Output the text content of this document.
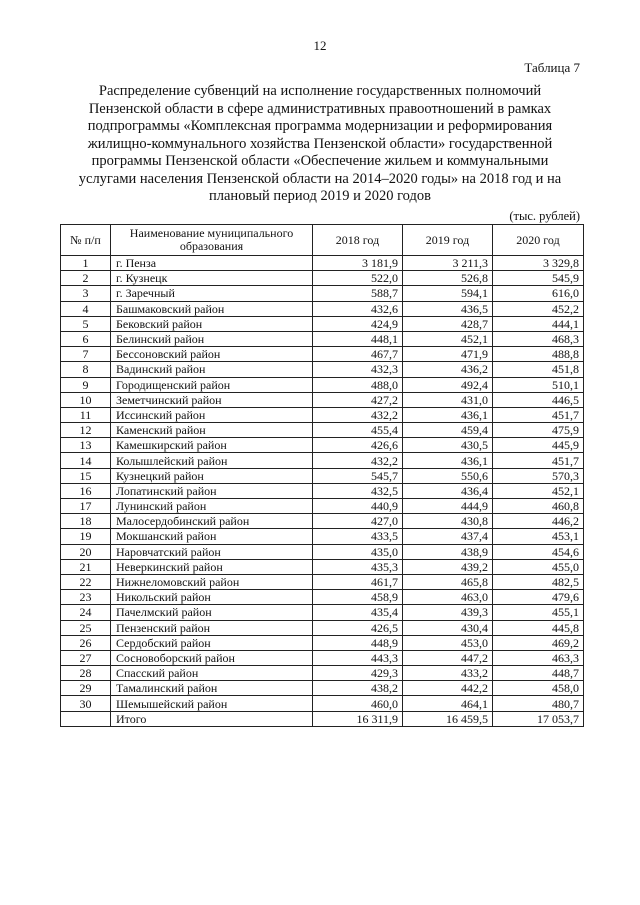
12
Таблица 7
Распределение субвенций на исполнение государственных полномочий
Пензенской области в сфере административных правоотношений в рамках
подпрограммы «Комплексная программа модернизации и реформирования
жилищно-коммунального хозяйства Пензенской области» государственной
программы Пензенской области «Обеспечение жильем и коммунальными
услугами населения Пензенской области на 2014–2020 годы» на 2018 год и на
плановый период 2019 и 2020 годов
(тыс. рублей)
№ п/п	Наименование муниципального образования	2018 год	2019 год	2020 год
1	г. Пенза	3 181,9	3 211,3	3 329,8
2	г. Кузнецк	522,0	526,8	545,9
3	г. Заречный	588,7	594,1	616,0
4	Башмаковский район	432,6	436,5	452,2
5	Бековский район	424,9	428,7	444,1
6	Белинский район	448,1	452,1	468,3
7	Бессоновский район	467,7	471,9	488,8
8	Вадинский район	432,3	436,2	451,8
9	Городищенский район	488,0	492,4	510,1
10	Земетчинский район	427,2	431,0	446,5
11	Иссинский район	432,2	436,1	451,7
12	Каменский район	455,4	459,4	475,9
13	Камешкирский район	426,6	430,5	445,9
14	Колышлейский район	432,2	436,1	451,7
15	Кузнецкий район	545,7	550,6	570,3
16	Лопатинский район	432,5	436,4	452,1
17	Лунинский район	440,9	444,9	460,8
18	Малосердобинский район	427,0	430,8	446,2
19	Мокшанский район	433,5	437,4	453,1
20	Наровчатский район	435,0	438,9	454,6
21	Неверкинский район	435,3	439,2	455,0
22	Нижнеломовский район	461,7	465,8	482,5
23	Никольский район	458,9	463,0	479,6
24	Пачелмский район	435,4	439,3	455,1
25	Пензенский район	426,5	430,4	445,8
26	Сердобский район	448,9	453,0	469,2
27	Сосновоборский район	443,3	447,2	463,3
28	Спасский район	429,3	433,2	448,7
29	Тамалинский район	438,2	442,2	458,0
30	Шемышейский район	460,0	464,1	480,7
	Итого	16 311,9	16 459,5	17 053,7
